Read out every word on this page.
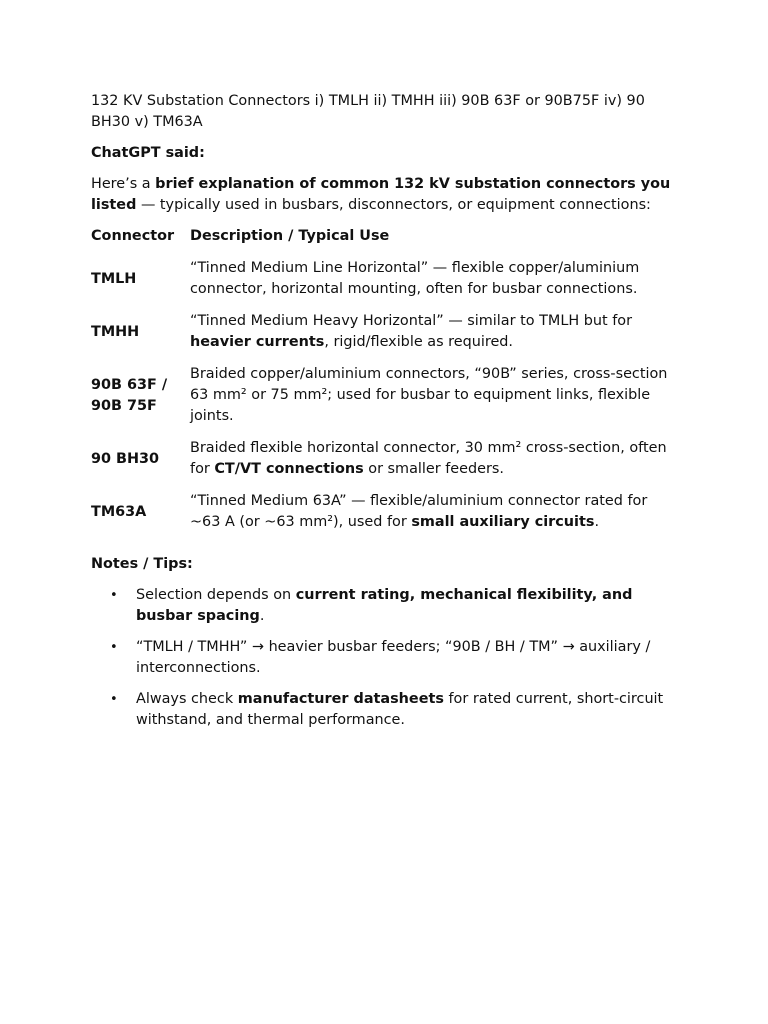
132 KV Substation Connectors i) TMLH ii) TMHH iii) 90B 63F or 90B75F iv) 90 BH30 v) TM63A

ChatGPT said:

Here’s a brief explanation of common 132 kV substation connectors you listed — typically used in busbars, disconnectors, or equipment connections:

Connector	Description / Typical Use
TMLH	“Tinned Medium Line Horizontal” — flexible copper/aluminium connector, horizontal mounting, often for busbar connections.
TMHH	“Tinned Medium Heavy Horizontal” — similar to TMLH but for heavier currents, rigid/flexible as required.
90B 63F / 90B 75F	Braided copper/aluminium connectors, “90B” series, cross-section 63 mm² or 75 mm²; used for busbar to equipment links, flexible joints.
90 BH30	Braided flexible horizontal connector, 30 mm² cross-section, often for CT/VT connections or smaller feeders.
TM63A	“Tinned Medium 63A” — flexible/aluminium connector rated for ~63 A (or ~63 mm²), used for small auxiliary circuits.

Notes / Tips:

• Selection depends on current rating, mechanical flexibility, and busbar spacing.
• “TMLH / TMHH” → heavier busbar feeders; “90B / BH / TM” → auxiliary / interconnections.
• Always check manufacturer datasheets for rated current, short-circuit withstand, and thermal performance.
